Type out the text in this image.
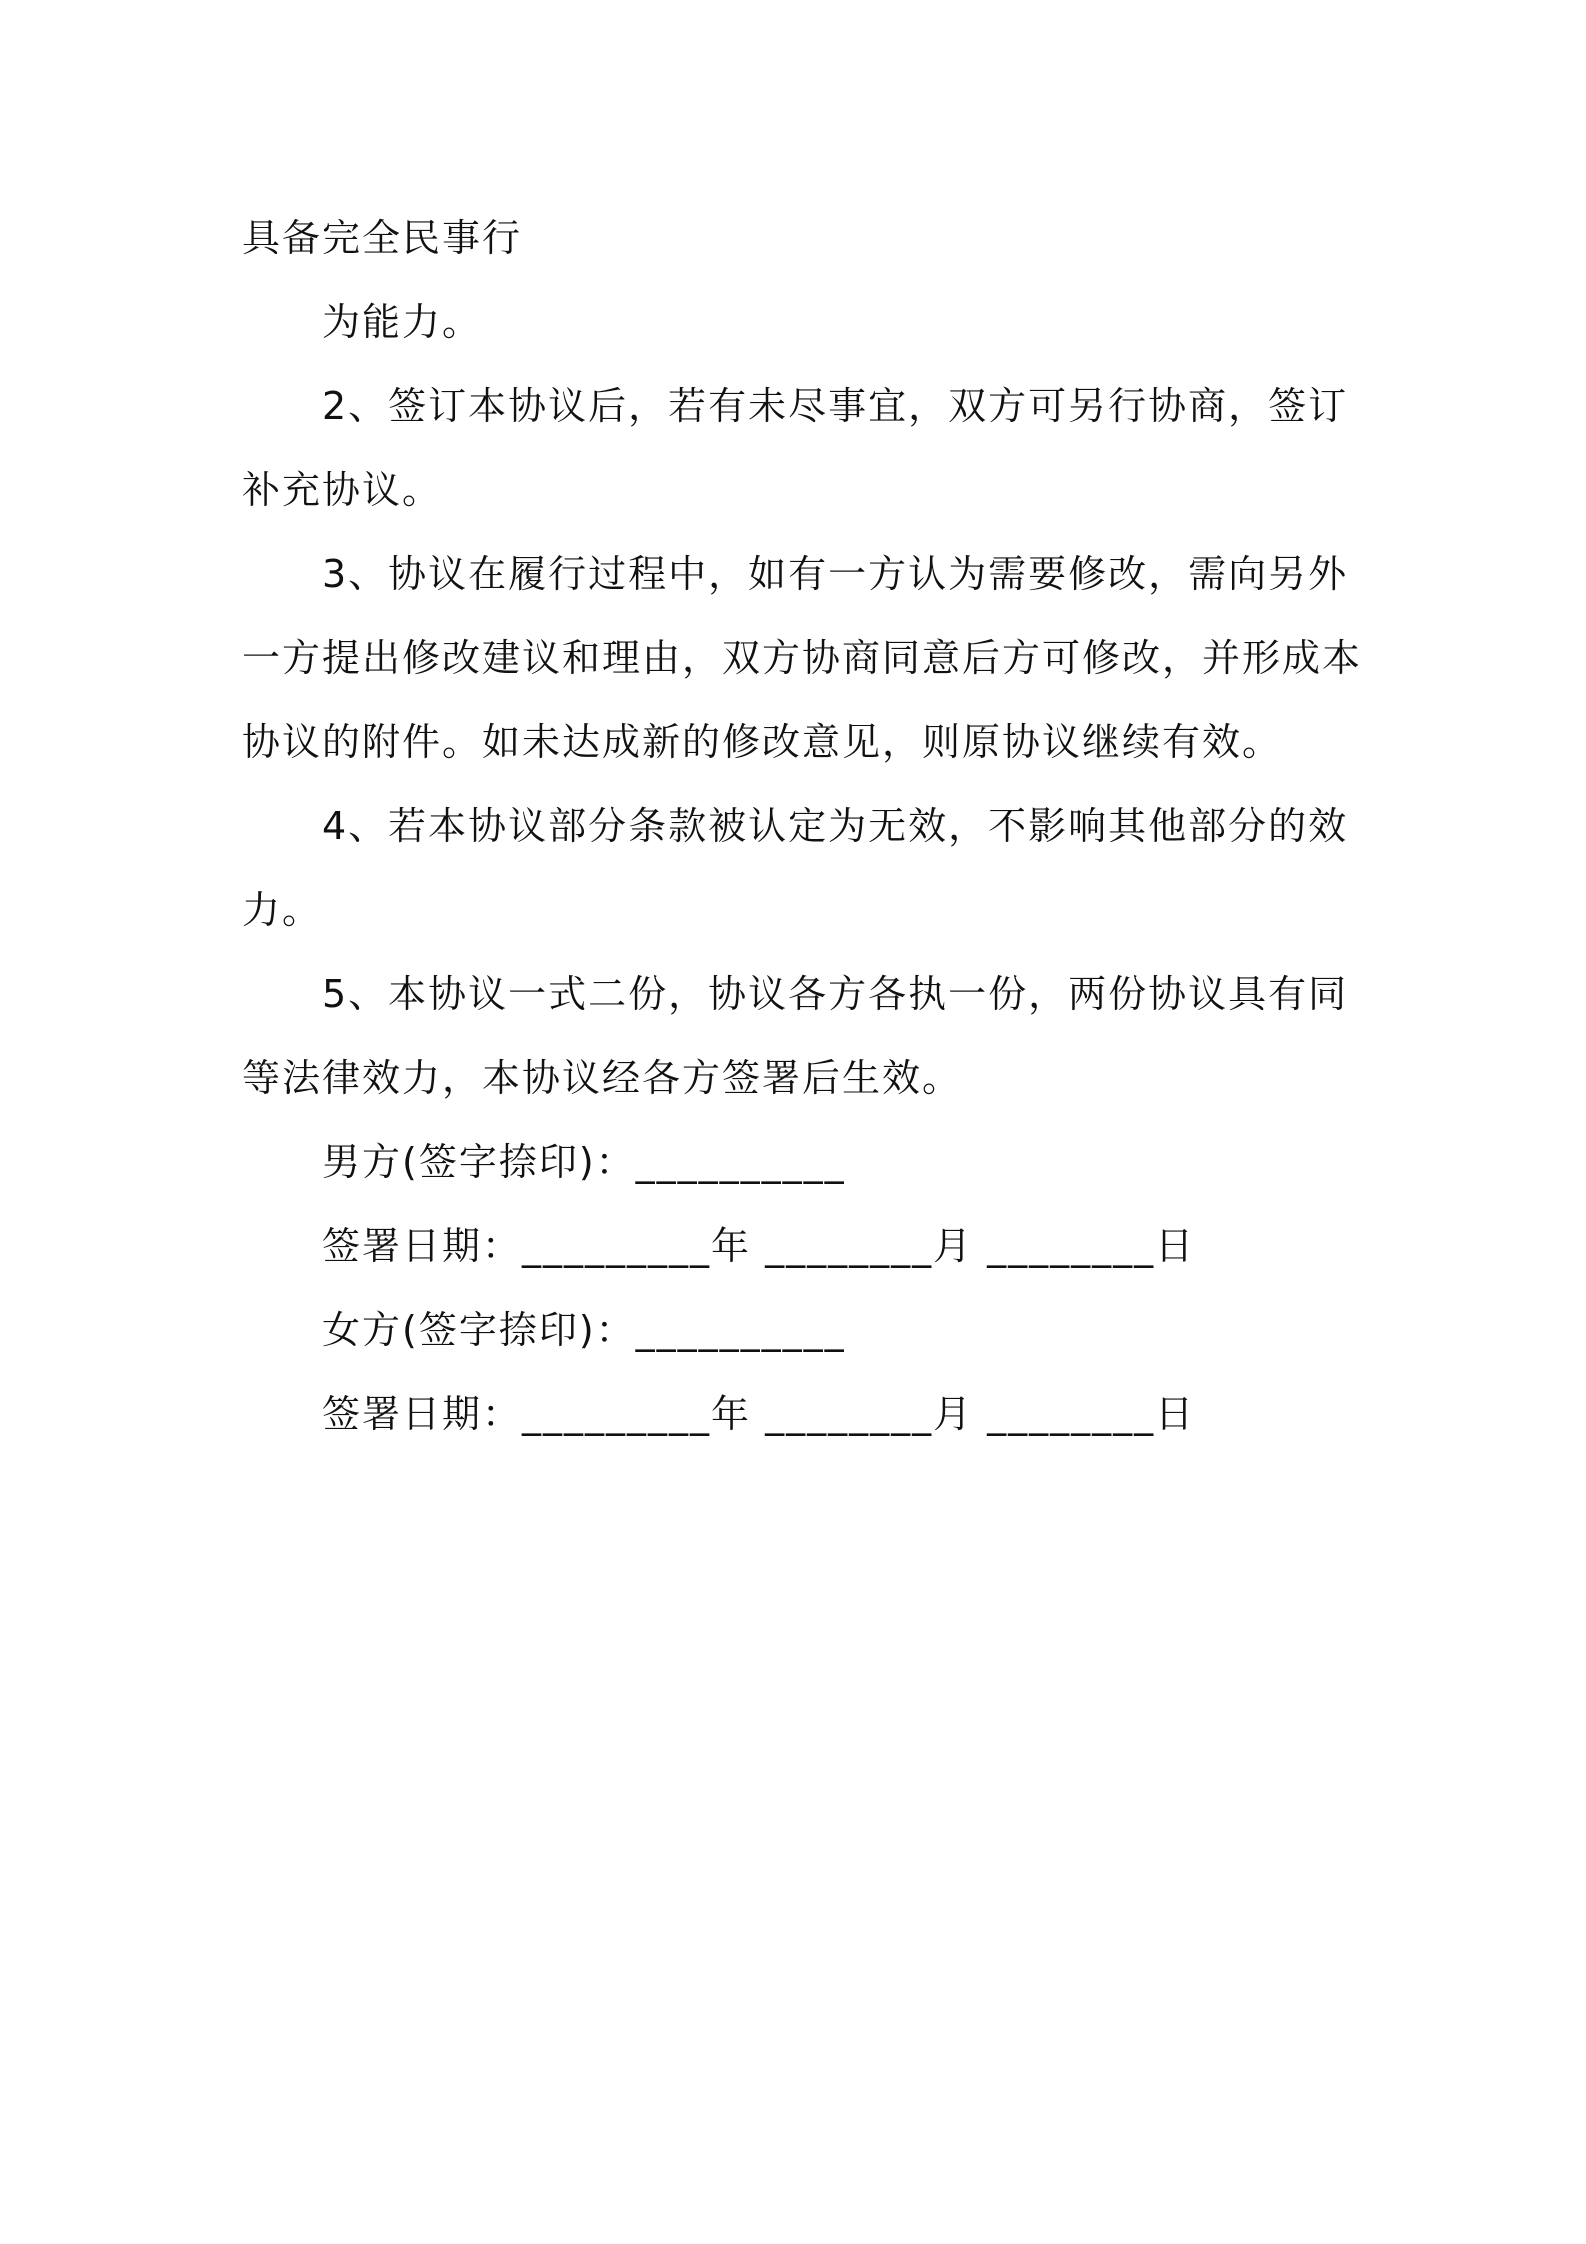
具备完全民事行
为能力。
2、签订本协议后，若有未尽事宜，双方可另行协商，签订
补充协议。
3、协议在履行过程中，如有一方认为需要修改，需向另外
一方提出修改建议和理由，双方协商同意后方可修改，并形成本
协议的附件。如未达成新的修改意见，则原协议继续有效。
4、若本协议部分条款被认定为无效，不影响其他部分的效
力。
5、本协议一式二份，协议各方各执一份，两份协议具有同
等法律效力，本协议经各方签署后生效。
男方(签字捺印)：__________
签署日期：_________年 ________月 ________日
女方(签字捺印)：__________
签署日期：_________年 ________月 ________日
